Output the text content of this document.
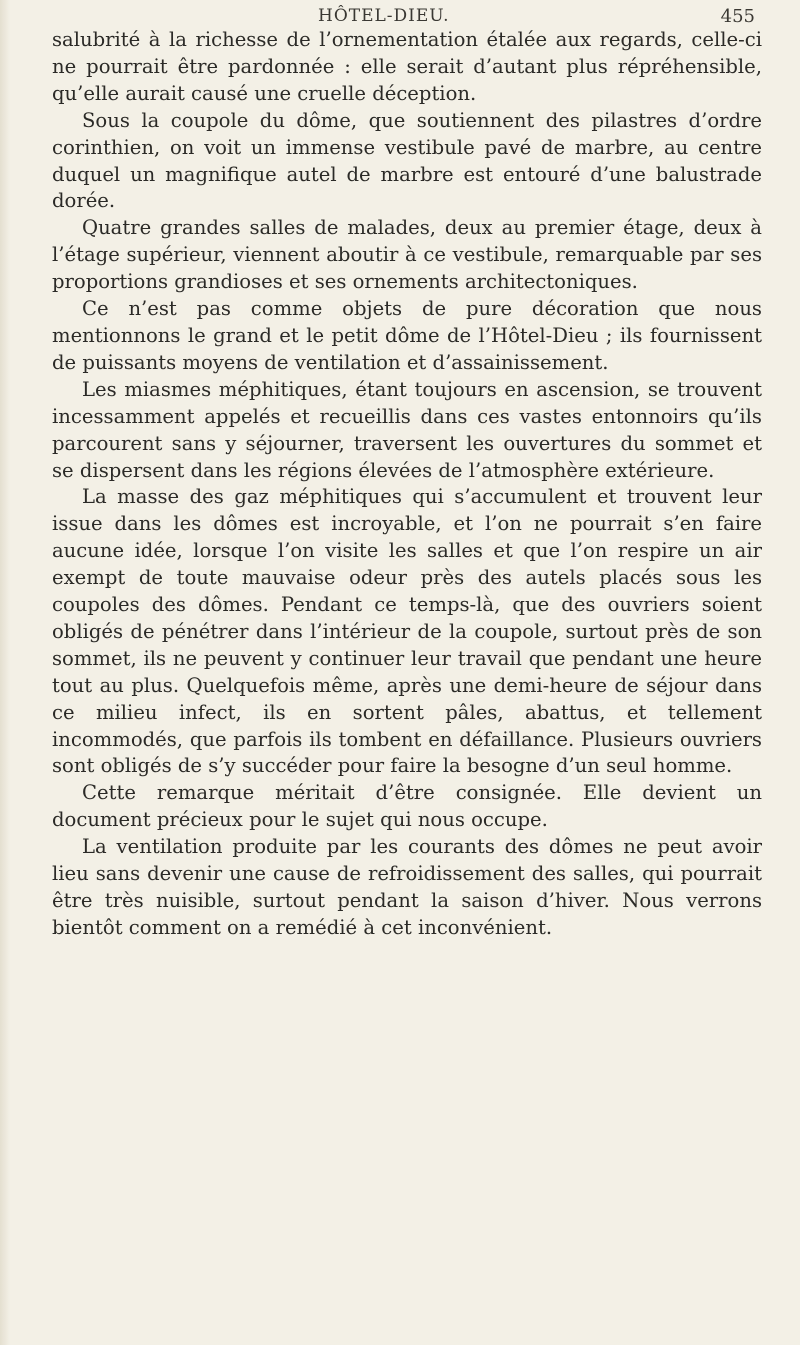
HÔTEL-DIEU.	455

salubrité à la richesse de l’ornementation étalée aux regards, celle-ci ne pourrait être pardonnée : elle serait d’autant plus répréhensible, qu’elle aurait causé une cruelle déception.

Sous la coupole du dôme, que soutiennent des pilastres d’ordre corinthien, on voit un immense vestibule pavé de marbre, au centre duquel un magnifique autel de marbre est entouré d’une balustrade dorée.

Quatre grandes salles de malades, deux au premier étage, deux à l’étage supérieur, viennent aboutir à ce vestibule, remarquable par ses proportions grandioses et ses ornements architectoniques.

Ce n’est pas comme objets de pure décoration que nous mentionnons le grand et le petit dôme de l’Hôtel-Dieu ; ils fournissent de puissants moyens de ventilation et d’assainissement.

Les miasmes méphitiques, étant toujours en ascension, se trouvent incessamment appelés et recueillis dans ces vastes entonnoirs qu’ils parcourent sans y séjourner, traversent les ouvertures du sommet et se dispersent dans les régions élevées de l’atmosphère extérieure.

La masse des gaz méphitiques qui s’accumulent et trouvent leur issue dans les dômes est incroyable, et l’on ne pourrait s’en faire aucune idée, lorsque l’on visite les salles et que l’on respire un air exempt de toute mauvaise odeur près des autels placés sous les coupoles des dômes. Pendant ce temps-là, que des ouvriers soient obligés de pénétrer dans l’intérieur de la coupole, surtout près de son sommet, ils ne peuvent y continuer leur travail que pendant une heure tout au plus. Quelquefois même, après une demi-heure de séjour dans ce milieu infect, ils en sortent pâles, abattus, et tellement incommodés, que parfois ils tombent en défaillance. Plusieurs ouvriers sont obligés de s’y succéder pour faire la besogne d’un seul homme.

Cette remarque méritait d’être consignée. Elle devient un document précieux pour le sujet qui nous occupe.

La ventilation produite par les courants des dômes ne peut avoir lieu sans devenir une cause de refroidissement des salles, qui pourrait être très nuisible, surtout pendant la saison d’hiver. Nous verrons bientôt comment on a remédié à cet inconvénient.
